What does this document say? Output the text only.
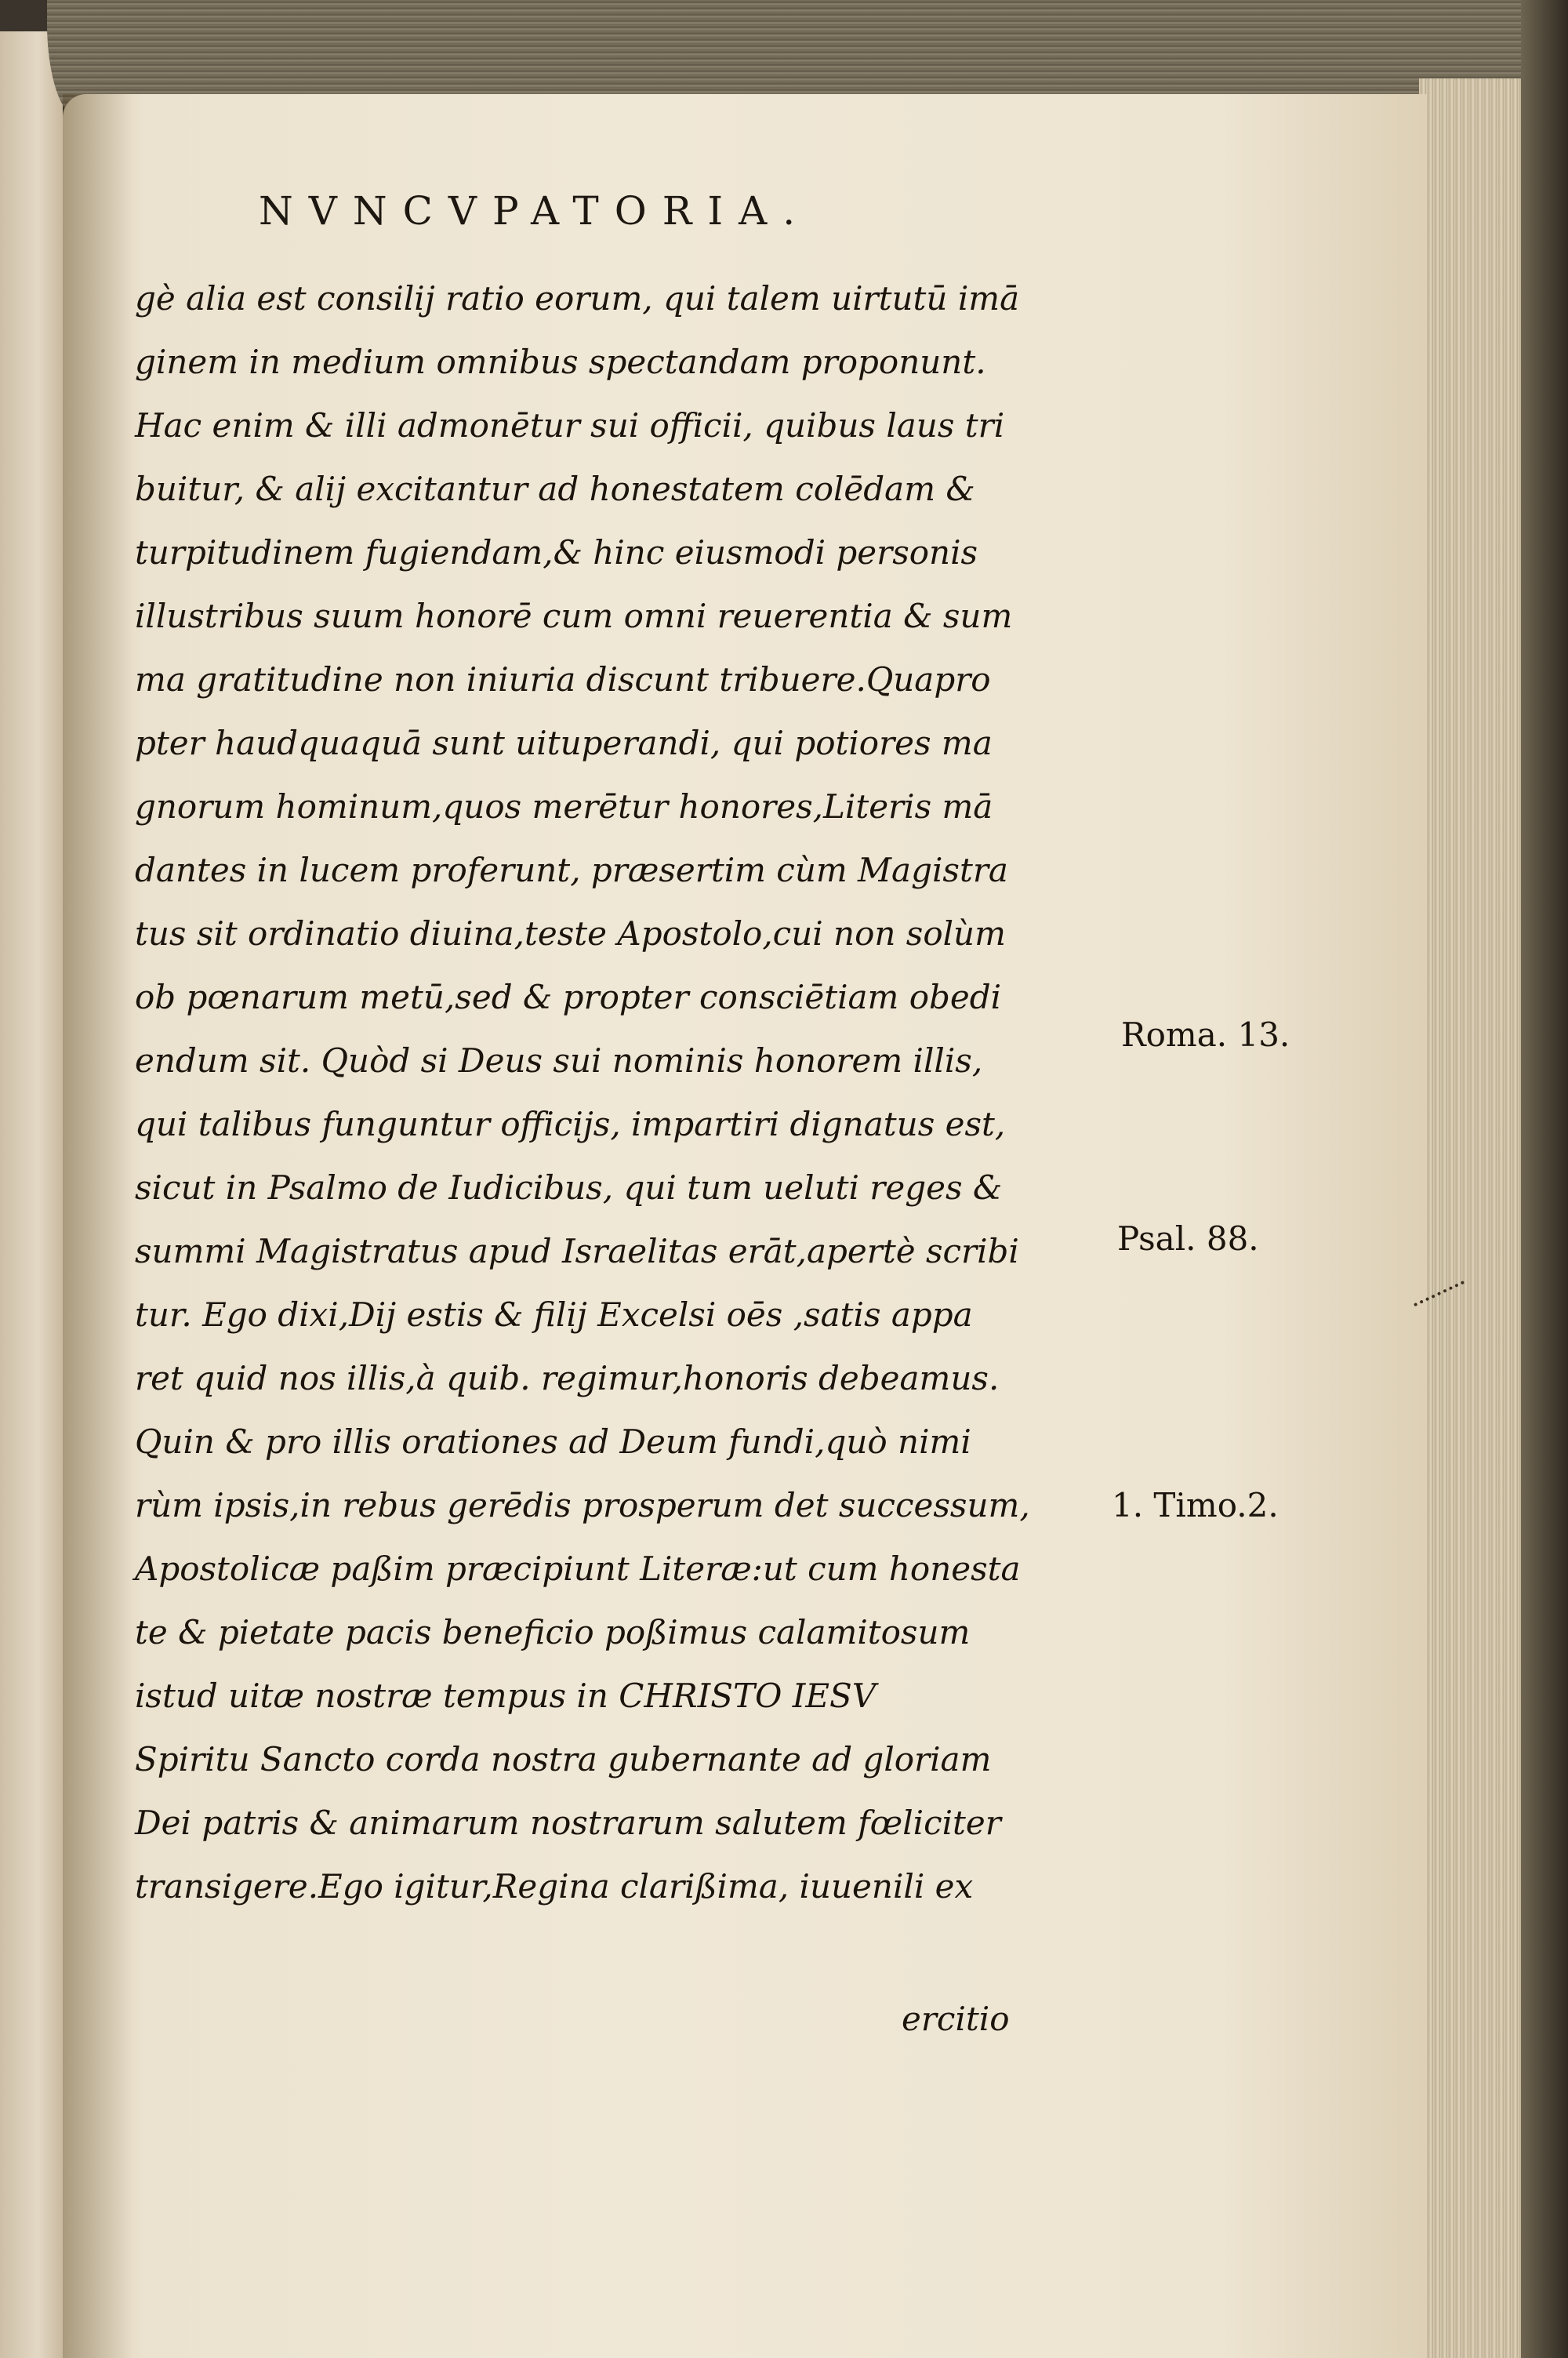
NVNCVPATORIA.
gè alia est consilij ratio eorum, qui talem uirtutū imā
ginem in medium omnibus spectandam proponunt.
Hac enim & illi admonētur sui officii, quibus laus tri
buitur, & alij excitantur ad honestatem colēdam &
turpitudinem fugiendam,& hinc eiusmodi personis
illustribus suum honorē cum omni reuerentia & sum
ma gratitudine non iniuria discunt tribuere.Quapro
pter haudquaquā sunt uituperandi, qui potiores ma
gnorum hominum,quos merētur honores,Literis mā
dantes in lucem proferunt, præsertim cùm Magistra
tus sit ordinatio diuina,teste Apostolo,cui non solùm
ob pœnarum metū,sed & propter consciētiam obedi
endum sit. Quòd si Deus sui nominis honorem illis,
qui talibus funguntur officijs, impartiri dignatus est,
sicut in Psalmo de Iudicibus, qui tum ueluti reges &
summi Magistratus apud Israelitas erāt,apertè scribi
tur. Ego dixi,Dij estis & filij Excelsi oēs ,satis appa
ret quid nos illis,à quib. regimur,honoris debeamus.
Quin & pro illis orationes ad Deum fundi,quò nimi
rùm ipsis,in rebus gerēdis prosperum det successum,
Apostolicæ paßim præcipiunt Literæ:ut cum honesta
te & pietate pacis beneficio poßimus calamitosum
istud uitæ nostræ tempus in CHRISTO IESV
Spiritu Sancto corda nostra gubernante ad gloriam
Dei patris & animarum nostrarum salutem fœliciter
transigere.Ego igitur,Regina clarißima, iuuenili ex
ercitio
Roma. 13.
Psal. 88.
1. Timo.2.
